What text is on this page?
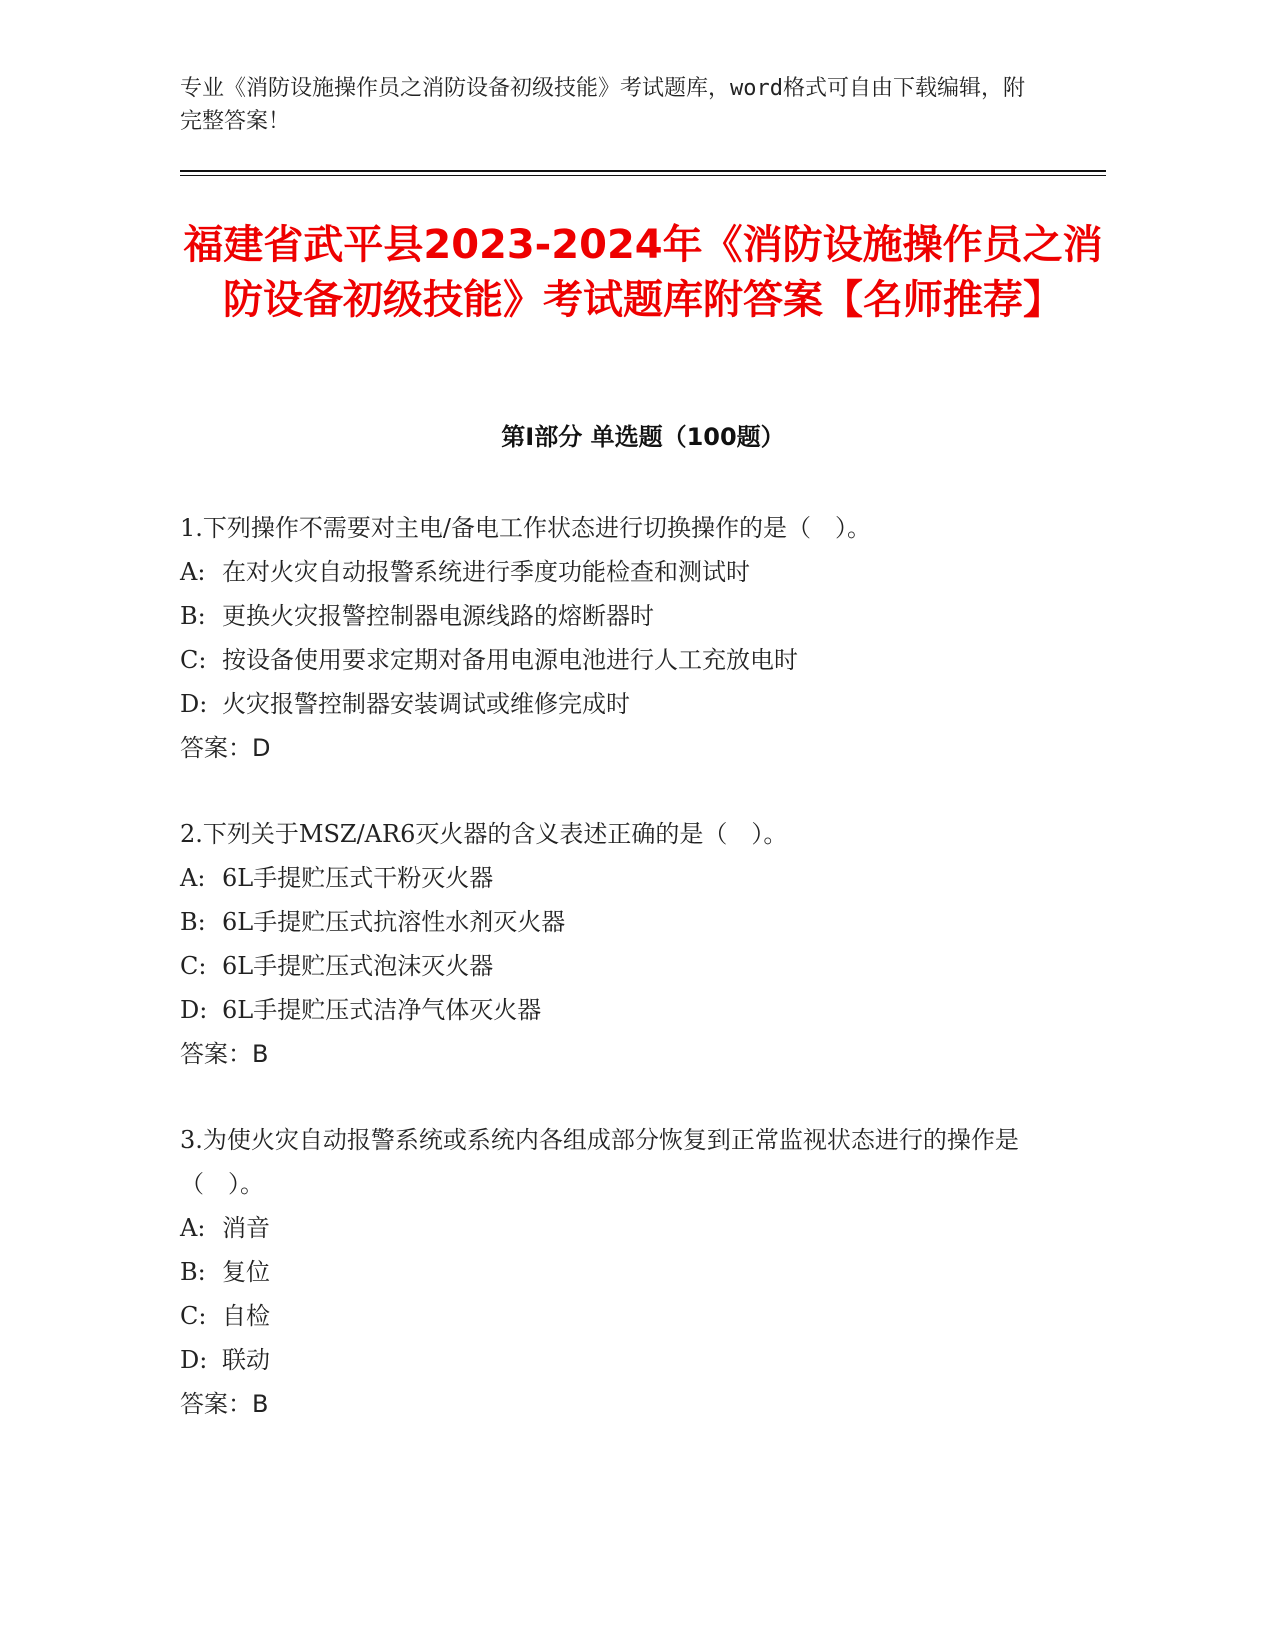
专业《消防设施操作员之消防设备初级技能》考试题库，word格式可自由下载编辑，附完整答案！
福建省武平县2023-2024年《消防设施操作员之消防设备初级技能》考试题库附答案【名师推荐】
第Ⅰ部分 单选题（100题）

1.下列操作不需要对主电/备电工作状态进行切换操作的是（　）。

A: 在对火灾自动报警系统进行季度功能检查和测试时

B: 更换火灾报警控制器电源线路的熔断器时

C: 按设备使用要求定期对备用电源电池进行人工充放电时

D: 火灾报警控制器安装调试或维修完成时

答案：D

2.下列关于MSZ/AR6灭火器的含义表述正确的是（　）。

A: 6L手提贮压式干粉灭火器

B: 6L手提贮压式抗溶性水剂灭火器

C: 6L手提贮压式泡沫灭火器

D: 6L手提贮压式洁净气体灭火器

答案：B

3.为使火灾自动报警系统或系统内各组成部分恢复到正常监视状态进行的操作是（　）。

A: 消音

B: 复位

C: 自检

D: 联动

答案：B
